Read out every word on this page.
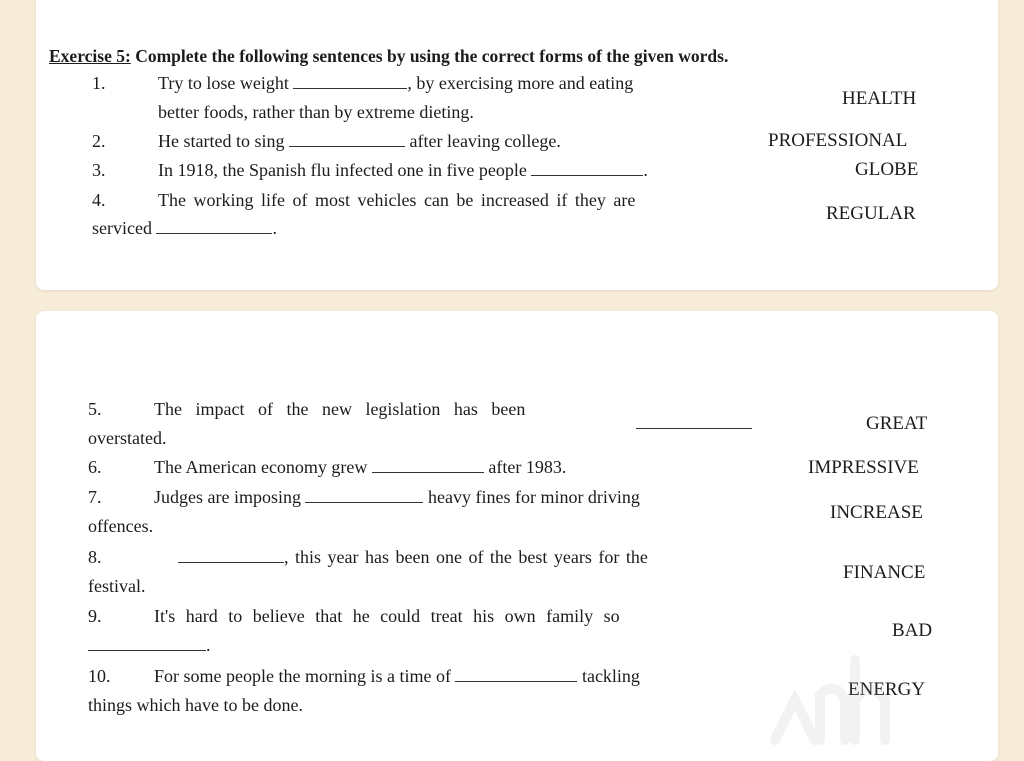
Exercise 5: Complete the following sentences by using the correct forms of the given words.
1.	Try to lose weight	, by exercising more and eating
better foods, rather than by extreme dieting.
HEALTH
2.	He started to sing	after leaving college.	PROFESSIONAL
3.	In 1918, the Spanish flu infected one in five people	.	GLOBE
4.	The working life of most vehicles can be increased if they are
serviced	.
REGULAR
5.	The impact of the new legislation has been
overstated.
GREAT
6.	The American economy grew	after 1983.	IMPRESSIVE
7.	Judges are imposing	heavy fines for minor driving
offences.
INCREASE
8.	, this year has been one of the best years for the
festival.
FINANCE
9.	It's hard to believe that he could treat his own family so
.
BAD
10. For some people the morning is a time of	tackling
things which have to be done.
ENERGY
